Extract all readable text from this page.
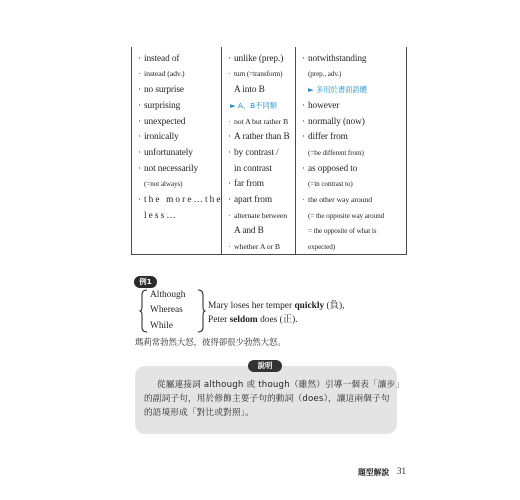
· instead of
· instead (adv.)
· no surprise
· surprising
· unexpected
· ironically
· unfortunately
· not necessarily
(=not always)
·the more…the
less…
· unlike (prep.)
· turn (=transform)
A into B
► A、B不同類
· not A but rather B
· A rather than B
· by contrast /
in contrast
· far from
· apart from
· alternate between
A and B
· whether A or B
· notwithstanding
(prep., adv.)
► 多用於書面語體
· however
· normally (now)
· differ from
(=be different from)
· as opposed to
(=in contrast to)
· the other way around
(= the opposite way around
= the opposite of what is
expected)
例1
Although
Whereas
While
Mary loses her temper quickly (負),
Peter seldom does (正).
瑪莉常勃然大怒，彼得卻很少勃然大怒。
說明
從屬連接詞 although 或 though（雖然）引導一個表「讓步」
的副詞子句，用於修飾主要子句的動詞（does），讓這兩個子句
的語境形成「對比或對照」。
題型解說 31
